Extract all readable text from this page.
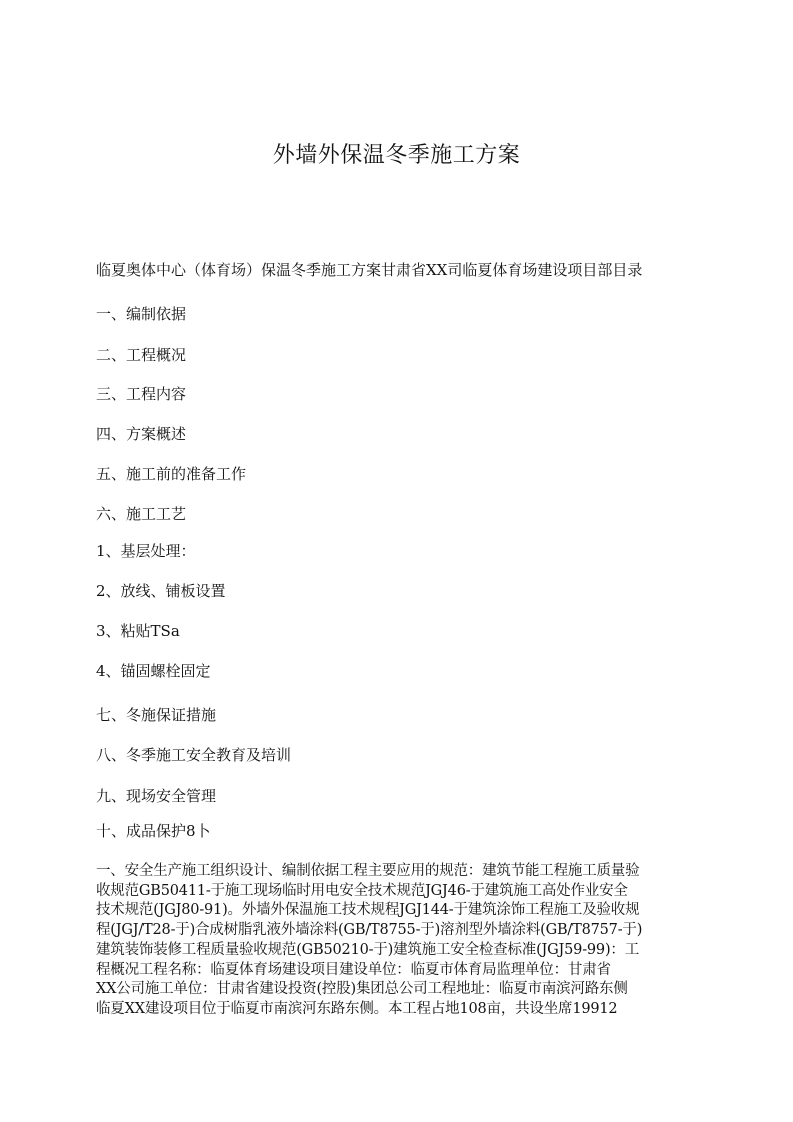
外墙外保温冬季施工方案
临夏奥体中心（体育场）保温冬季施工方案甘肃省XX司临夏体育场建设项目部目录
一、编制依据
二、工程概况
三、工程内容
四、方案概述
五、施工前的准备工作
六、施工工艺
1、基层处理：
2、放线、铺板设置
3、粘贴TSa
4、锚固螺栓固定
七、冬施保证措施
八、冬季施工安全教育及培训
九、现场安全管理
十、成品保护8卜
一、安全生产施工组织设计、编制依据工程主要应用的规范：建筑节能工程施工质量验
收规范GB50411-于施工现场临时用电安全技术规范JGJ46-于建筑施工高处作业安全
技术规范(JGJ80-91)。外墙外保温施工技术规程JGJ144-于建筑涂饰工程施工及验收规
程(JGJ/T28-于)合成树脂乳液外墙涂料(GB/T8755-于)溶剂型外墙涂料(GB/T8757-于)
建筑装饰装修工程质量验收规范(GB50210-于)建筑施工安全检查标准(JGJ59-99)：工
程概况工程名称：临夏体育场建设项目建设单位：临夏市体育局监理单位：甘肃省
XX公司施工单位：甘肃省建设投资(控股)集团总公司工程地址：临夏市南滨河路东侧
临夏XX建设项目位于临夏市南滨河东路东侧。本工程占地108亩，共设坐席19912
